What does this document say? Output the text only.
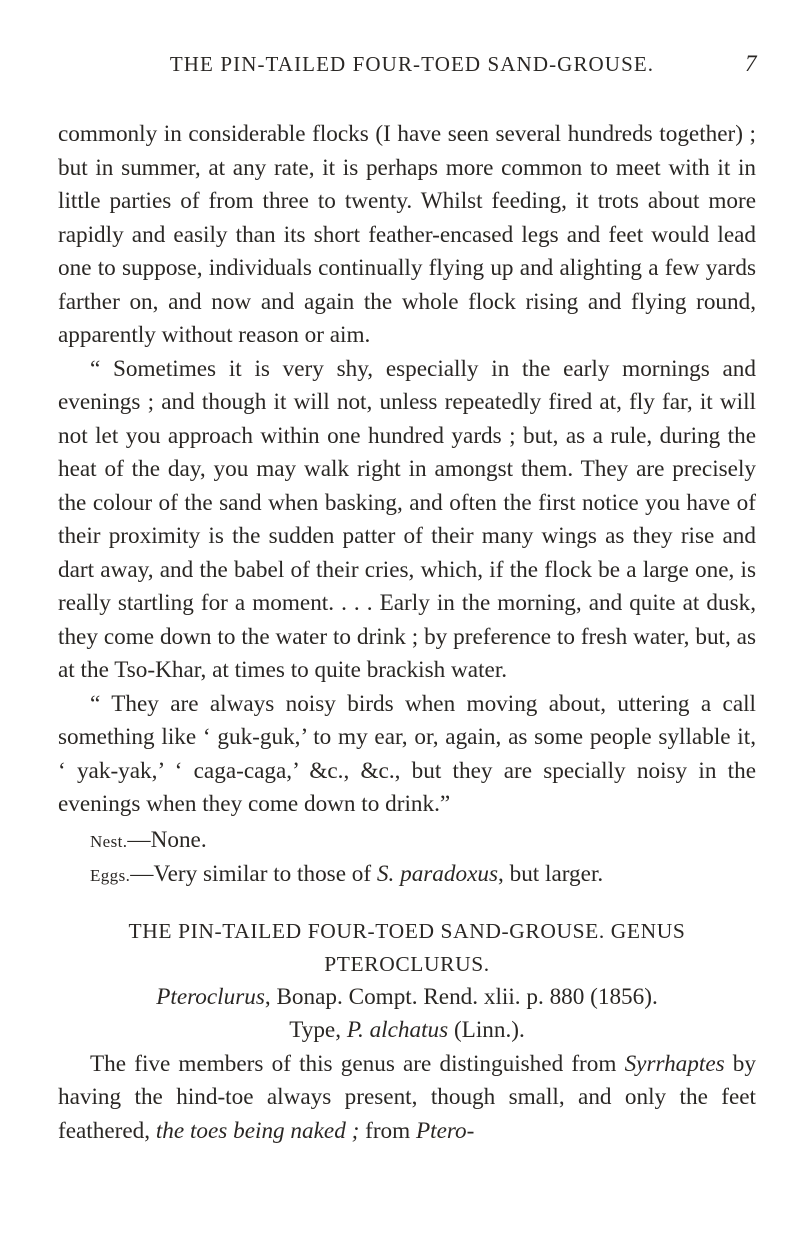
THE PIN-TAILED FOUR-TOED SAND-GROUSE.	7

commonly in considerable flocks (I have seen several hundreds together) ; but in summer, at any rate, it is perhaps more common to meet with it in little parties of from three to twenty. Whilst feeding, it trots about more rapidly and easily than its short feather-encased legs and feet would lead one to suppose, individuals continually flying up and alighting a few yards farther on, and now and again the whole flock rising and flying round, apparently without reason or aim.

“ Sometimes it is very shy, especially in the early mornings and evenings ; and though it will not, unless repeatedly fired at, fly far, it will not let you approach within one hundred yards ; but, as a rule, during the heat of the day, you may walk right in amongst them. They are precisely the colour of the sand when basking, and often the first notice you have of their proximity is the sudden patter of their many wings as they rise and dart away, and the babel of their cries, which, if the flock be a large one, is really startling for a moment. . . . Early in the morning, and quite at dusk, they come down to the water to drink ; by preference to fresh water, but, as at the Tso-Khar, at times to quite brackish water.

“ They are always noisy birds when moving about, uttering a call something like ‘ guk-guk,’ to my ear, or, again, as some people syllable it, ‘ yak-yak,’ ‘ caga-caga,’ &c., &c., but they are specially noisy in the evenings when they come down to drink.”

Nest.—None.

Eggs.—Very similar to those of S. paradoxus, but larger.

THE PIN-TAILED FOUR-TOED SAND-GROUSE. GENUS PTEROCLURUS.

Pteroclurus, Bonap. Compt. Rend. xlii. p. 880 (1856).

Type, P. alchatus (Linn.).

The five members of this genus are distinguished from Syrrhaptes by having the hind-toe always present, though small, and only the feet feathered, the toes being naked ; from Ptero-
